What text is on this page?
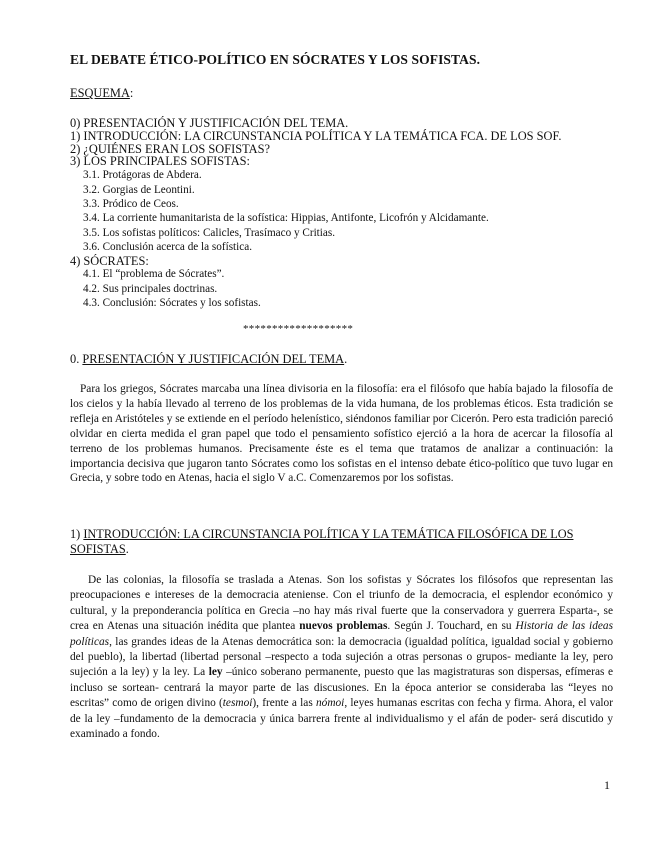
EL DEBATE ÉTICO-POLÍTICO EN SÓCRATES Y LOS SOFISTAS.
ESQUEMA:
0) PRESENTACIÓN Y JUSTIFICACIÓN DEL TEMA.
1) INTRODUCCIÓN: LA CIRCUNSTANCIA POLÍTICA Y LA TEMÁTICA FCA. DE LOS SOF.
2) ¿QUIÉNES ERAN LOS SOFISTAS?
3) LOS PRINCIPALES SOFISTAS:
3.1. Protágoras de Abdera.
3.2. Gorgias de Leontini.
3.3. Pródico de Ceos.
3.4. La corriente humanitarista de la sofística: Hippias, Antifonte, Licofrón y Alcidamante.
3.5. Los sofistas políticos: Calicles, Trasímaco y Critias.
3.6. Conclusión acerca de la sofística.
4) SÓCRATES:
4.1. El “problema de Sócrates”.
4.2. Sus principales doctrinas.
4.3. Conclusión: Sócrates y los sofistas.
*******************
0. PRESENTACIÓN Y JUSTIFICACIÓN DEL TEMA.
Para los griegos, Sócrates marcaba una línea divisoria en la filosofía: era el filósofo que había bajado la filosofía de los cielos y la había llevado al terreno de los problemas de la vida humana, de los problemas éticos. Esta tradición se refleja en Aristóteles y se extiende en el período helenístico, siéndonos familiar por Cicerón. Pero esta tradición pareció olvidar en cierta medida el gran papel que todo el pensamiento sofístico ejerció a la hora de acercar la filosofía al terreno de los problemas humanos. Precisamente éste es el tema que tratamos de analizar a continuación: la importancia decisiva que jugaron tanto Sócrates como los sofistas en el intenso debate ético-político que tuvo lugar en Grecia, y sobre todo en Atenas, hacia el siglo V a.C. Comenzaremos por los sofistas.
1) INTRODUCCIÓN: LA CIRCUNSTANCIA POLÍTICA Y LA TEMÁTICA FILOSÓFICA DE LOS SOFISTAS.
De las colonias, la filosofía se traslada a Atenas. Son los sofistas y Sócrates los filósofos que representan las preocupaciones e intereses de la democracia ateniense. Con el triunfo de la democracia, el esplendor económico y cultural, y la preponderancia política en Grecia –no hay más rival fuerte que la conservadora y guerrera Esparta-, se crea en Atenas una situación inédita que plantea nuevos problemas. Según J. Touchard, en su Historia de las ideas políticas, las grandes ideas de la Atenas democrática son: la democracia (igualdad política, igualdad social y gobierno del pueblo), la libertad (libertad personal –respecto a toda sujeción a otras personas o grupos- mediante la ley, pero sujeción a la ley) y la ley. La ley –único soberano permanente, puesto que las magistraturas son dispersas, efímeras e incluso se sortean- centrará la mayor parte de las discusiones. En la época anterior se consideraba las “leyes no escritas” como de origen divino (tesmoi), frente a las nómoi, leyes humanas escritas con fecha y firma. Ahora, el valor de la ley –fundamento de la democracia y única barrera frente al individualismo y el afán de poder- será discutido y examinado a fondo.
1
